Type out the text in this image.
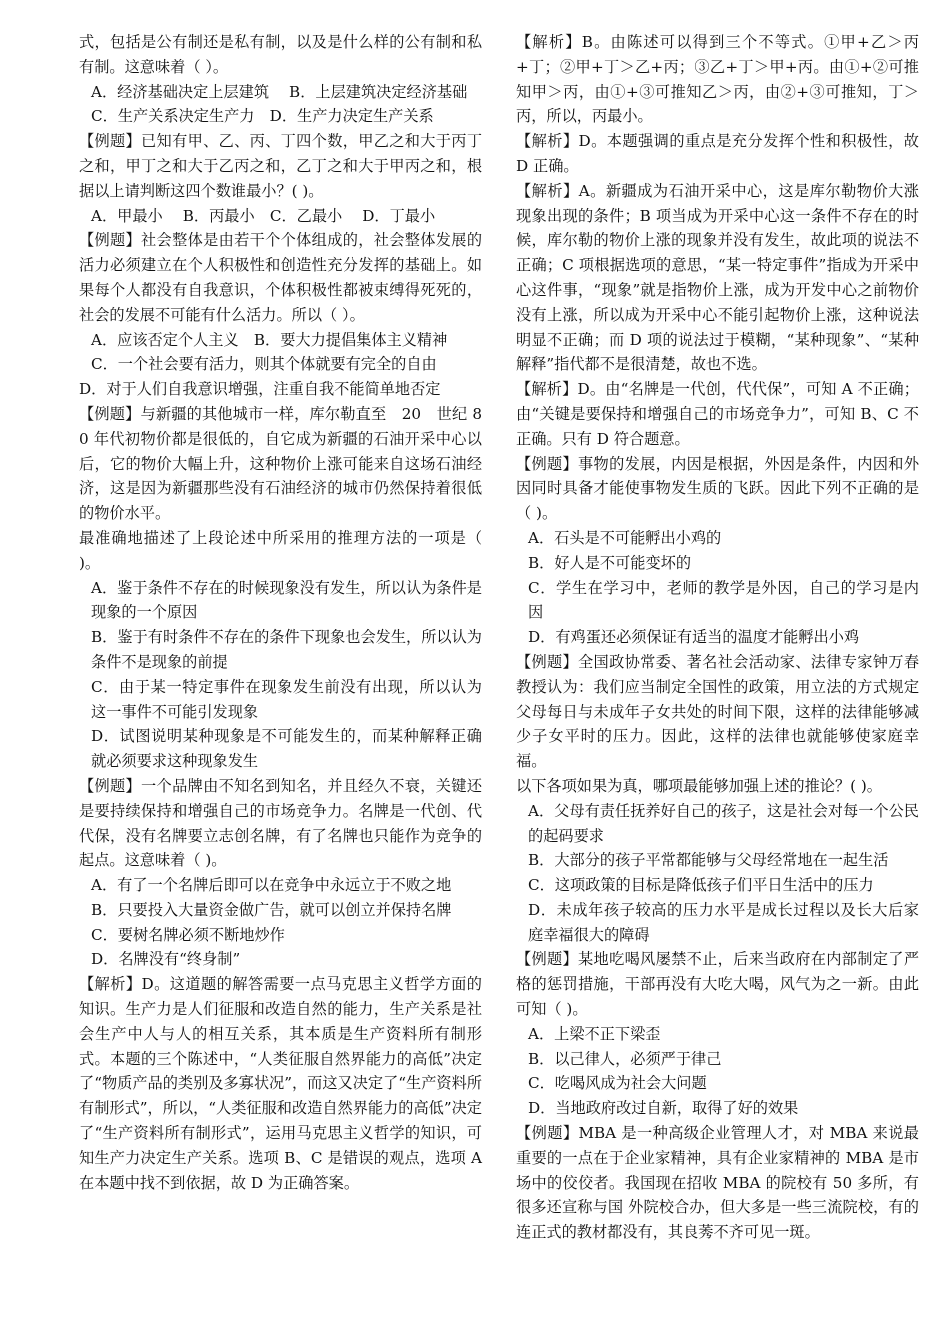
式，包括是公有制还是私有制，以及是什么样的公有制和私有制。这意味着（ ）。

A．经济基础决定上层建筑　 B．上层建筑决定经济基础

C．生产关系决定生产力　D．生产力决定生产关系

【例题】已知有甲、乙、丙、丁四个数，甲乙之和大于丙丁之和，甲丁之和大于乙丙之和，乙丁之和大于甲丙之和，根据以上请判断这四个数谁最小？( )。

A．甲最小　 B．丙最小　C．乙最小　 D．丁最小

【例题】社会整体是由若干个个体组成的，社会整体发展的活力必须建立在个人积极性和创造性充分发挥的基础上。如果每个人都没有自我意识，个体积极性都被束缚得死死的，社会的发展不可能有什么活力。所以（ ）。

A．应该否定个人主义　B．要大力提倡集体主义精神

C．一个社会要有活力，则其个体就要有完全的自由

D．对于人们自我意识增强，注重自我不能简单地否定

【例题】与新疆的其他城市一样，库尔勒直至　20　世纪 80 年代初物价都是很低的，自它成为新疆的石油开采中心以后，它的物价大幅上升，这种物价上涨可能来自这场石油经济，这是因为新疆那些没有石油经济的城市仍然保持着很低的物价水平。

最准确地描述了上段论述中所采用的推理方法的一项是（ )。

A．鉴于条件不存在的时候现象没有发生，所以认为条件是现象的一个原因

B．鉴于有时条件不存在的条件下现象也会发生，所以认为条件不是现象的前提

C．由于某一特定事件在现象发生前没有出现，所以认为这一事件不可能引发现象

D．试图说明某种现象是不可能发生的，而某种解释正确就必须要求这种现象发生

【例题】一个品牌由不知名到知名，并且经久不衰，关键还是要持续保持和增强自己的市场竞争力。名牌是一代创、代代保，没有名牌要立志创名牌，有了名牌也只能作为竞争的起点。这意味着（ )。

A．有了一个名牌后即可以在竞争中永远立于不败之地

B．只要投入大量资金做广告，就可以创立并保持名牌

C．要树名牌必须不断地炒作

D．名牌没有“终身制”

【解析】D。这道题的解答需要一点马克思主义哲学方面的知识。生产力是人们征服和改造自然的能力，生产关系是社会生产中人与人的相互关系，其本质是生产资料所有制形式。本题的三个陈述中，“人类征服自然界能力的高低”决定了“物质产品的类别及多寡状况”，而这又决定了“生产资料所有制形式”，所以，“人类征服和改造自然界能力的高低”决定了“生产资料所有制形式”，运用马克思主义哲学的知识，可知生产力决定生产关系。选项 B、C 是错误的观点，选项 A 在本题中找不到依据，故 D 为正确答案。

【解析】B。由陈述可以得到三个不等式。①甲+乙＞丙+丁；②甲+丁＞乙+丙；③乙+丁＞甲+丙。由①+②可推知甲＞丙，由①+③可推知乙＞丙，由②+③可推知，丁＞丙，所以，丙最小。

【解析】D。本题强调的重点是充分发挥个性和积极性，故 D 正确。

【解析】A。新疆成为石油开采中心，这是库尔勒物价大涨现象出现的条件；B 项当成为开采中心这一条件不存在的时候，库尔勒的物价上涨的现象并没有发生，故此项的说法不正确；C 项根据选项的意思，“某一特定事件”指成为开采中心这件事，“现象”就是指物价上涨，成为开发中心之前物价没有上涨，所以成为开采中心不能引起物价上涨，这种说法明显不正确；而 D 项的说法过于模糊，“某种现象”、“某种解释”指代都不是很清楚，故也不选。

【解析】D。由“名牌是一代创，代代保”，可知 A 不正确；由“关键是要保持和增强自己的市场竞争力”，可知 B、C 不正确。只有 D 符合题意。

【例题】事物的发展，内因是根据，外因是条件，内因和外因同时具备才能使事物发生质的飞跃。因此下列不正确的是（ )。

A．石头是不可能孵出小鸡的

B．好人是不可能变坏的

C．学生在学习中，老师的教学是外因，自己的学习是内因

D．有鸡蛋还必须保证有适当的温度才能孵出小鸡

【例题】全国政协常委、著名社会活动家、法律专家钟万春教授认为：我们应当制定全国性的政策，用立法的方式规定父母每日与未成年子女共处的时间下限，这样的法律能够减少子女平时的压力。因此，这样的法律也就能够使家庭幸福。

以下各项如果为真，哪项最能够加强上述的推论？( )。

A．父母有责任抚养好自己的孩子，这是社会对每一个公民的起码要求

B．大部分的孩子平常都能够与父母经常地在一起生活

C．这项政策的目标是降低孩子们平日生活中的压力

D．未成年孩子较高的压力水平是成长过程以及长大后家庭幸福很大的障碍

【例题】某地吃喝风屡禁不止，后来当政府在内部制定了严格的惩罚措施，干部再没有大吃大喝，风气为之一新。由此可知（ )。

A．上梁不正下梁歪

B．以己律人，必须严于律己

C．吃喝风成为社会大问题

D．当地政府改过自新，取得了好的效果

【例题】MBA 是一种高级企业管理人才，对 MBA 来说最重要的一点在于企业家精神，具有企业家精神的 MBA 是市场中的佼佼者。我国现在招收 MBA 的院校有 50 多所，有很多还宣称与国 外院校合办，但大多是一些三流院校，有的连正式的教材都没有，其良莠不齐可见一斑。
